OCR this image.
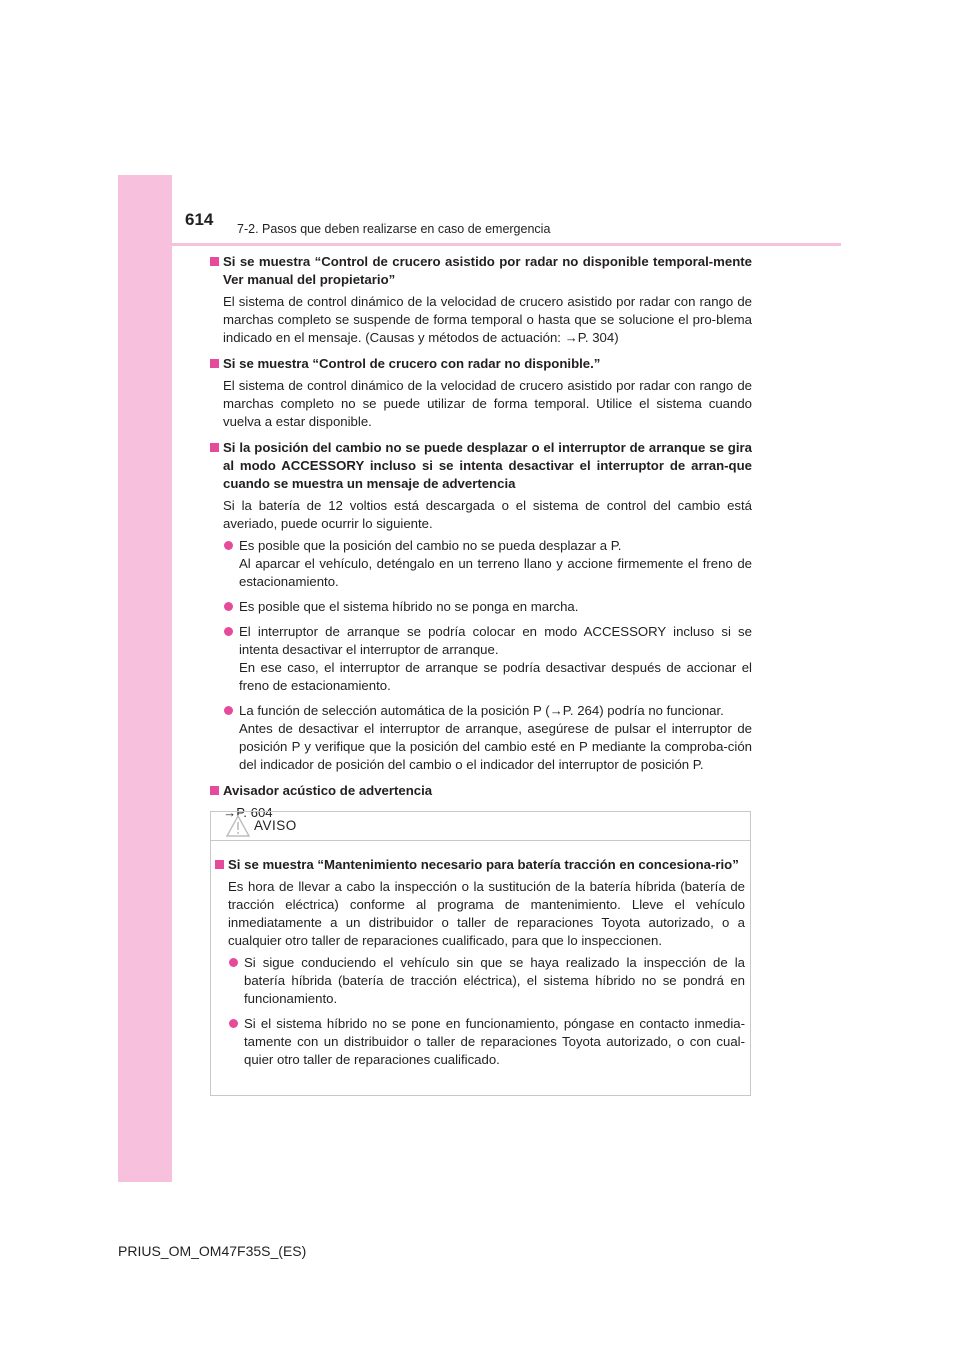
614 7-2. Pasos que deben realizarse en caso de emergencia
Si se muestra “Control de crucero asistido por radar no disponible temporal-mente Ver manual del propietario”
El sistema de control dinámico de la velocidad de crucero asistido por radar con rango de marchas completo se suspende de forma temporal o hasta que se solucione el pro-blema indicado en el mensaje. (Causas y métodos de actuación: →P. 304)
Si se muestra “Control de crucero con radar no disponible.”
El sistema de control dinámico de la velocidad de crucero asistido por radar con rango de marchas completo no se puede utilizar de forma temporal. Utilice el sistema cuando vuelva a estar disponible.
Si la posición del cambio no se puede desplazar o el interruptor de arranque se gira al modo ACCESSORY incluso si se intenta desactivar el interruptor de arran-que cuando se muestra un mensaje de advertencia
Si la batería de 12 voltios está descargada o el sistema de control del cambio está averiado, puede ocurrir lo siguiente.
Es posible que la posición del cambio no se pueda desplazar a P.
Al aparcar el vehículo, deténgalo en un terreno llano y accione firmemente el freno de estacionamiento.
Es posible que el sistema híbrido no se ponga en marcha.
El interruptor de arranque se podría colocar en modo ACCESSORY incluso si se intenta desactivar el interruptor de arranque.
En ese caso, el interruptor de arranque se podría desactivar después de accionar el freno de estacionamiento.
La función de selección automática de la posición P (→P. 264) podría no funcionar.
Antes de desactivar el interruptor de arranque, asegúrese de pulsar el interruptor de posición P y verifique que la posición del cambio esté en P mediante la comproba-ción del indicador de posición del cambio o el indicador del interruptor de posición P.
Avisador acústico de advertencia
→P. 604
AVISO
Si se muestra “Mantenimiento necesario para batería tracción en concesiona-rio”
Es hora de llevar a cabo la inspección o la sustitución de la batería híbrida (batería de tracción eléctrica) conforme al programa de mantenimiento. Lleve el vehículo inmediatamente a un distribuidor o taller de reparaciones Toyota autorizado, o a cualquier otro taller de reparaciones cualificado, para que lo inspeccionen.
Si sigue conduciendo el vehículo sin que se haya realizado la inspección de la batería híbrida (batería de tracción eléctrica), el sistema híbrido no se pondrá en funcionamiento.
Si el sistema híbrido no se pone en funcionamiento, póngase en contacto inmedia-tamente con un distribuidor o taller de reparaciones Toyota autorizado, o con cual-quier otro taller de reparaciones cualificado.
PRIUS_OM_OM47F35S_(ES)
